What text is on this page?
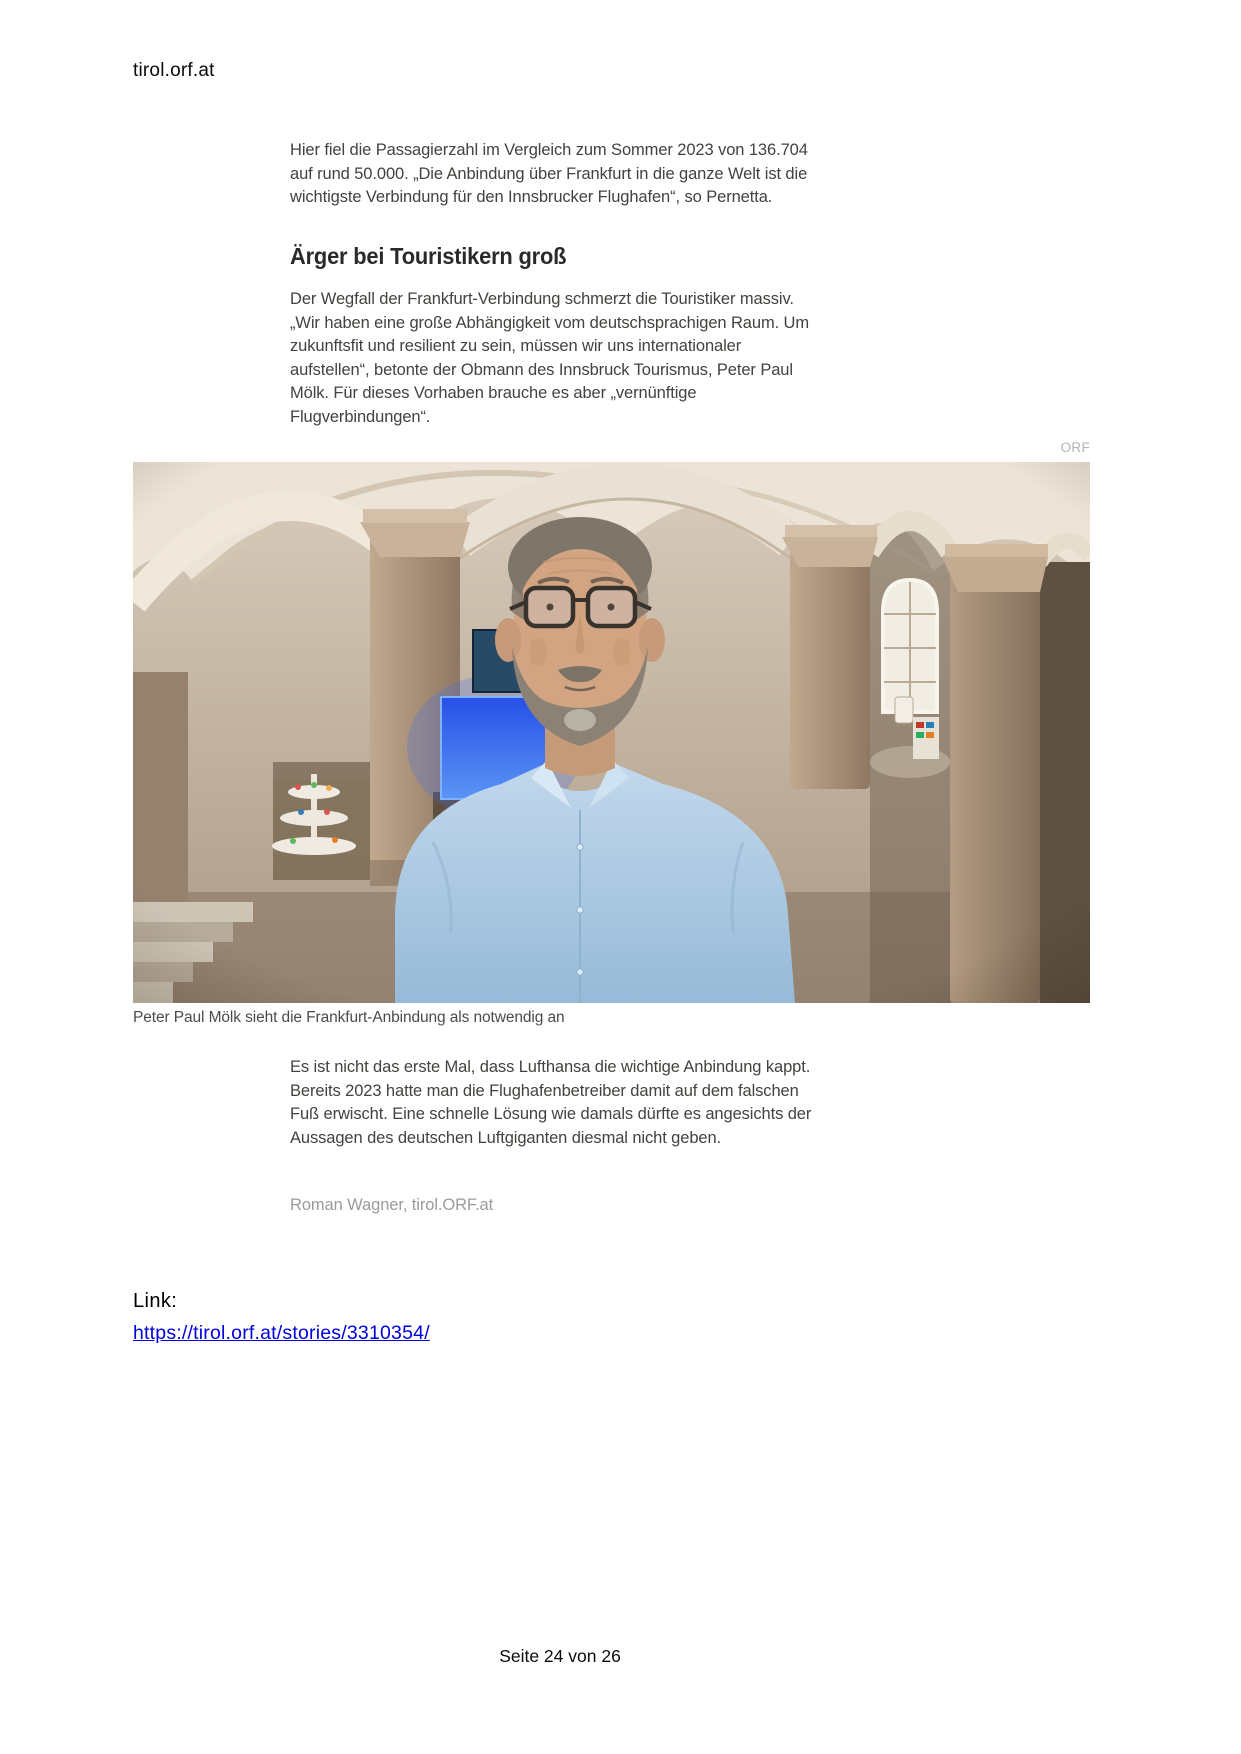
tirol.orf.at

Hier fiel die Passagierzahl im Vergleich zum Sommer 2023 von 136.704 auf rund 50.000. „Die Anbindung über Frankfurt in die ganze Welt ist die wichtigste Verbindung für den Innsbrucker Flughafen“, so Pernetta.

Ärger bei Touristikern groß

Der Wegfall der Frankfurt-Verbindung schmerzt die Touristiker massiv. „Wir haben eine große Abhängigkeit vom deutschsprachigen Raum. Um zukunftsfit und resilient zu sein, müssen wir uns internationaler aufstellen“, betonte der Obmann des Innsbruck Tourismus, Peter Paul Mölk. Für dieses Vorhaben brauche es aber „vernünftige Flugverbindungen“.

ORF
Peter Paul Mölk sieht die Frankfurt-Anbindung als notwendig an

Es ist nicht das erste Mal, dass Lufthansa die wichtige Anbindung kappt. Bereits 2023 hatte man die Flughafenbetreiber damit auf dem falschen Fuß erwischt. Eine schnelle Lösung wie damals dürfte es angesichts der Aussagen des deutschen Luftgiganten diesmal nicht geben.

Roman Wagner, tirol.ORF.at
Link:
https://tirol.orf.at/stories/3310354/
Seite 24 von 26
